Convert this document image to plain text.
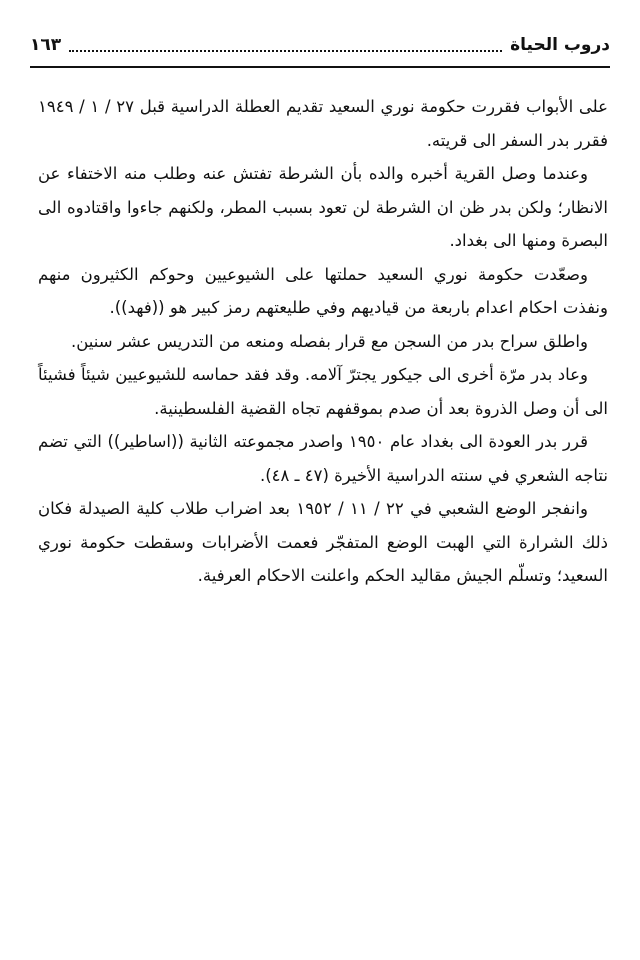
دروب الحياة
١٦٣

على الأبواب فقررت حكومة نوري السعيد تقديم العطلة الدراسية قبل ٢٧ / ١ / ١٩٤٩ فقرر بدر السفر الى قريته.

وعندما وصل القرية أخبره والده بأن الشرطة تفتش عنه وطلب منه الاختفاء عن الانظار؛ ولكن بدر ظن ان الشرطة لن تعود بسبب المطر، ولكنهم جاءوا واقتادوه الى البصرة ومنها الى بغداد.

وصعّدت حكومة نوري السعيد حملتها على الشيوعيين وحوكم الكثيرون منهم ونفذت احكام اعدام باربعة من قياديهم وفي طليعتهم رمز كبير هو ((فهد)).

واطلق سراح بدر من السجن مع قرار بفصله ومنعه من التدريس عشر سنين.

وعاد بدر مرّة أخرى الى جيكور يجترّ آلامه. وقد فقد حماسه للشيوعيين شيئاً فشيئاً الى أن وصل الذروة بعد أن صدم بموقفهم تجاه القضية الفلسطينية.

قرر بدر العودة الى بغداد عام ١٩٥٠ واصدر مجموعته الثانية ((اساطير)) التي تضم نتاجه الشعري في سنته الدراسية الأخيرة (٤٧ ـ ٤٨).

وانفجر الوضع الشعبي في ٢٢ / ١١ / ١٩٥٢ بعد اضراب طلاب كلية الصيدلة فكان ذلك الشرارة التي الهبت الوضع المتفجّر فعمت الأضرابات وسقطت حكومة نوري السعيد؛ وتسلّم الجيش مقاليد الحكم واعلنت الاحكام العرفية.
